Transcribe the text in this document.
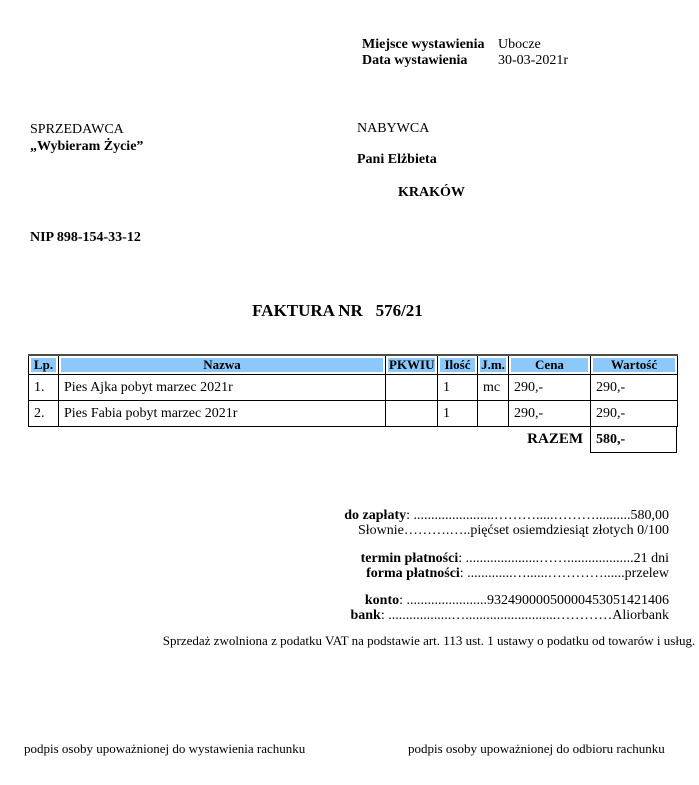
Miejsce wystawienia Ubocze
Data wystawienia	30-03-2021r
SPRZEDAWCA
„Wybieram Życie”
NABYWCA
Pani Elżbieta
KRAKÓW
NIP 898-154-33-12
FAKTURA NR   576/21
Lp.	Nazwa	PKWIU	Ilość	J.m.	Cena	Wartość

1.	Pies Ajka pobyt marzec 2021r		1	mc	290,-	290,-
2.	Pies Fabia pobyt marzec 2021r		1		290,-	290,-
RAZEM 580,-
do zapłaty: .......................……….....………..........580,00
Słownie……….…..pięćset osiemdziesiąt złotych 0/100
termin płatności: .....................……...................21 dni
forma płatności: .............…......…………......przelew
konto: .......................93249000050000453051421406
bank: ..................…..........................…………Aliorbank
Sprzedaż zwolniona z podatku VAT na podstawie art. 113 ust. 1 ustawy o podatku od towarów i usług.
podpis osoby upoważnionej do wystawienia rachunku	podpis osoby upoważnionej do odbioru rachunku
